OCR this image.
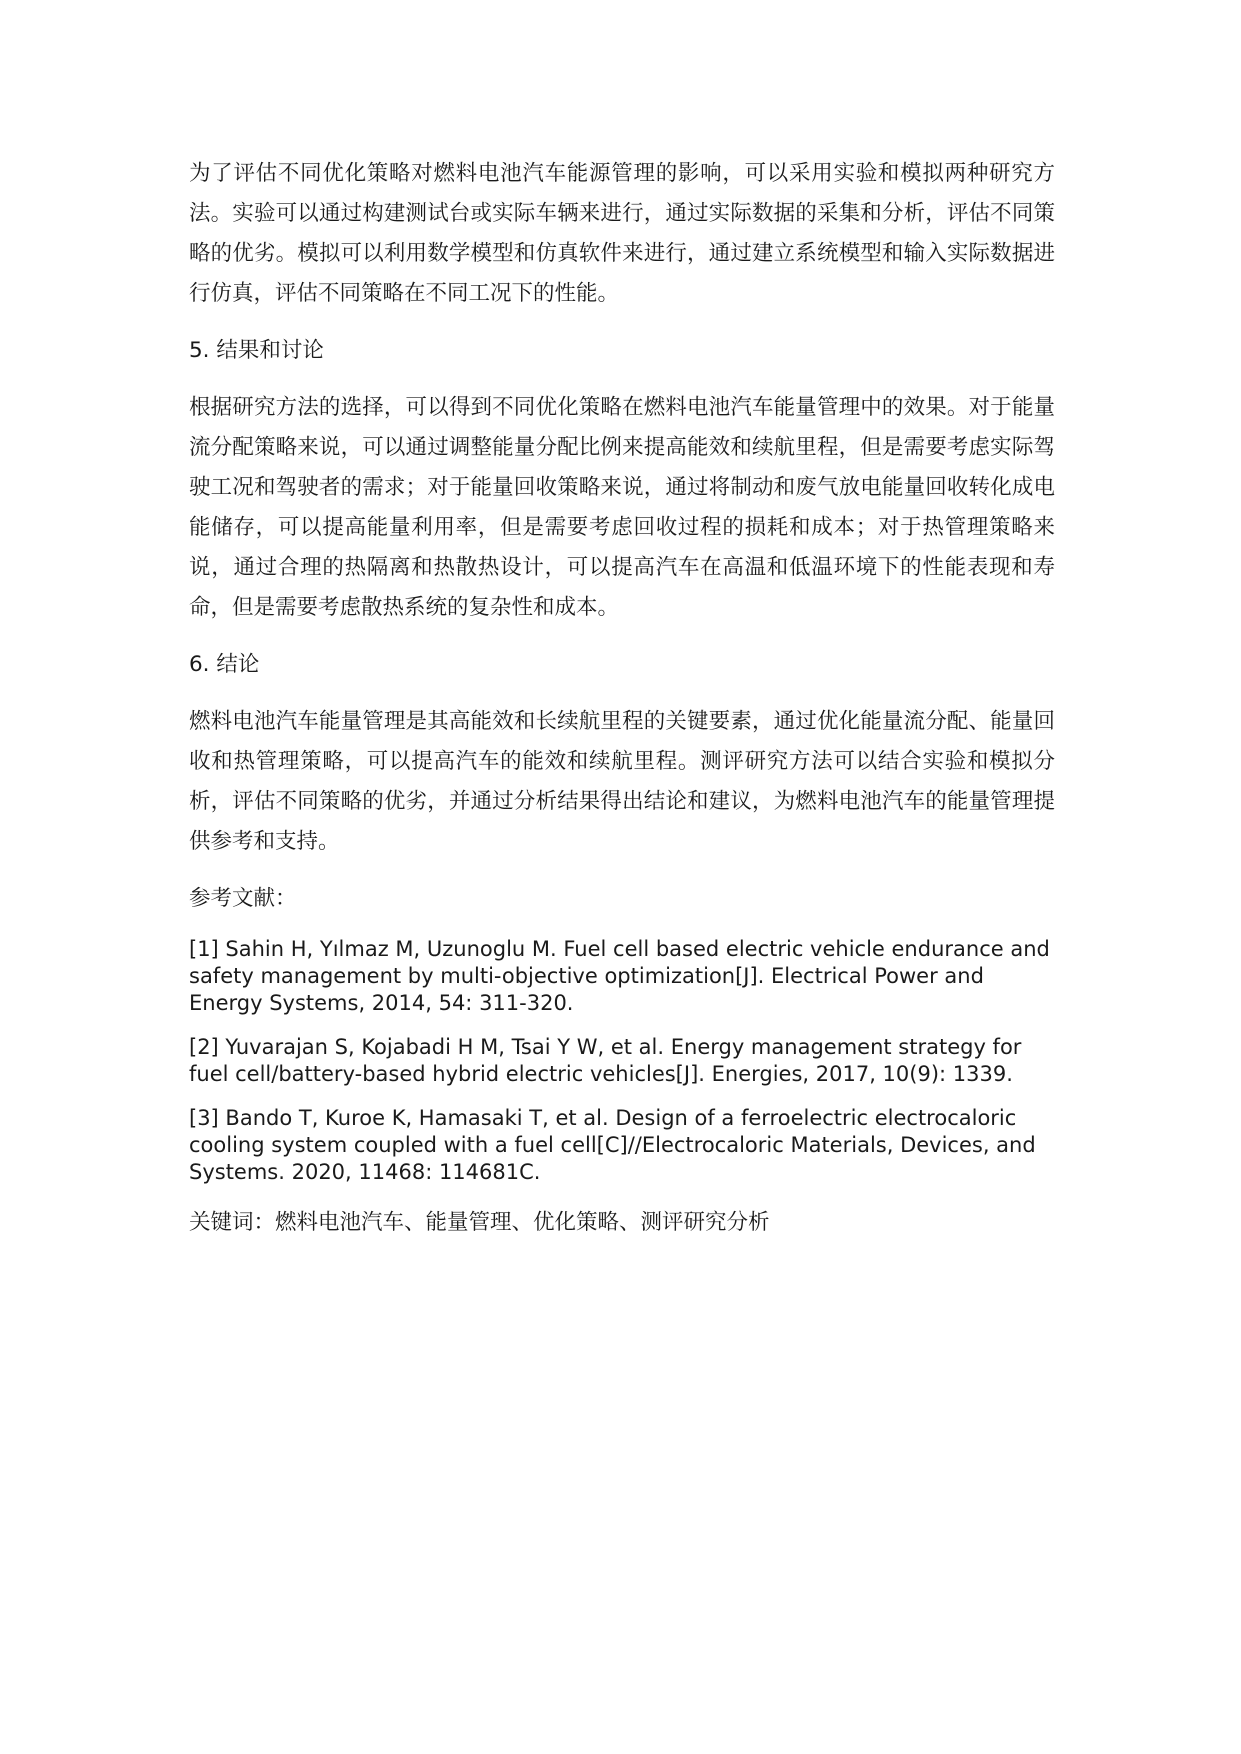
为了评估不同优化策略对燃料电池汽车能源管理的影响，可以采用实验和模拟两种研究方法。实验可以通过构建测试台或实际车辆来进行，通过实际数据的采集和分析，评估不同策略的优劣。模拟可以利用数学模型和仿真软件来进行，通过建立系统模型和输入实际数据进行仿真，评估不同策略在不同工况下的性能。

5. 结果和讨论

根据研究方法的选择，可以得到不同优化策略在燃料电池汽车能量管理中的效果。对于能量流分配策略来说，可以通过调整能量分配比例来提高能效和续航里程，但是需要考虑实际驾驶工况和驾驶者的需求；对于能量回收策略来说，通过将制动和废气放电能量回收转化成电能储存，可以提高能量利用率，但是需要考虑回收过程的损耗和成本；对于热管理策略来说，通过合理的热隔离和热散热设计，可以提高汽车在高温和低温环境下的性能表现和寿命，但是需要考虑散热系统的复杂性和成本。

6. 结论

燃料电池汽车能量管理是其高能效和长续航里程的关键要素，通过优化能量流分配、能量回收和热管理策略，可以提高汽车的能效和续航里程。测评研究方法可以结合实验和模拟分析，评估不同策略的优劣，并通过分析结果得出结论和建议，为燃料电池汽车的能量管理提供参考和支持。

参考文献：

[1] Sahin H, Yılmaz M, Uzunoglu M. Fuel cell based electric vehicle endurance and safety management by multi-objective optimization[J]. Electrical Power and Energy Systems, 2014, 54: 311-320.

[2] Yuvarajan S, Kojabadi H M, Tsai Y W, et al. Energy management strategy for fuel cell/battery-based hybrid electric vehicles[J]. Energies, 2017, 10(9): 1339.

[3] Bando T, Kuroe K, Hamasaki T, et al. Design of a ferroelectric electrocaloric cooling system coupled with a fuel cell[C]//Electrocaloric Materials, Devices, and Systems. 2020, 11468: 114681C.

关键词：燃料电池汽车、能量管理、优化策略、测评研究分析
